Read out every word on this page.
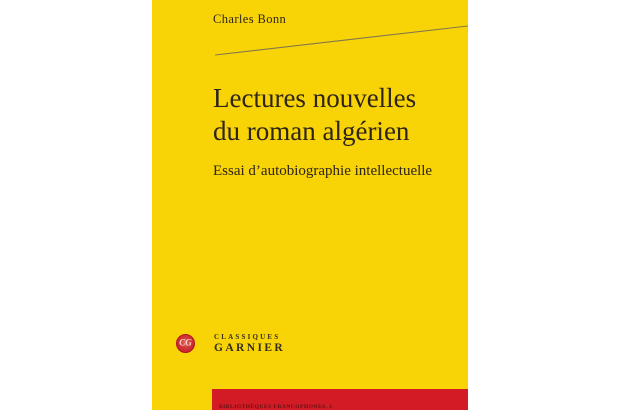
Charles Bonn
Lectures nouvelles
du roman algérien
Essai d’autobiographie intellectuelle
CG
CLASSIQUES
GARNIER
BIBLIOTHÈQUES FRANCOPHONES, 1
